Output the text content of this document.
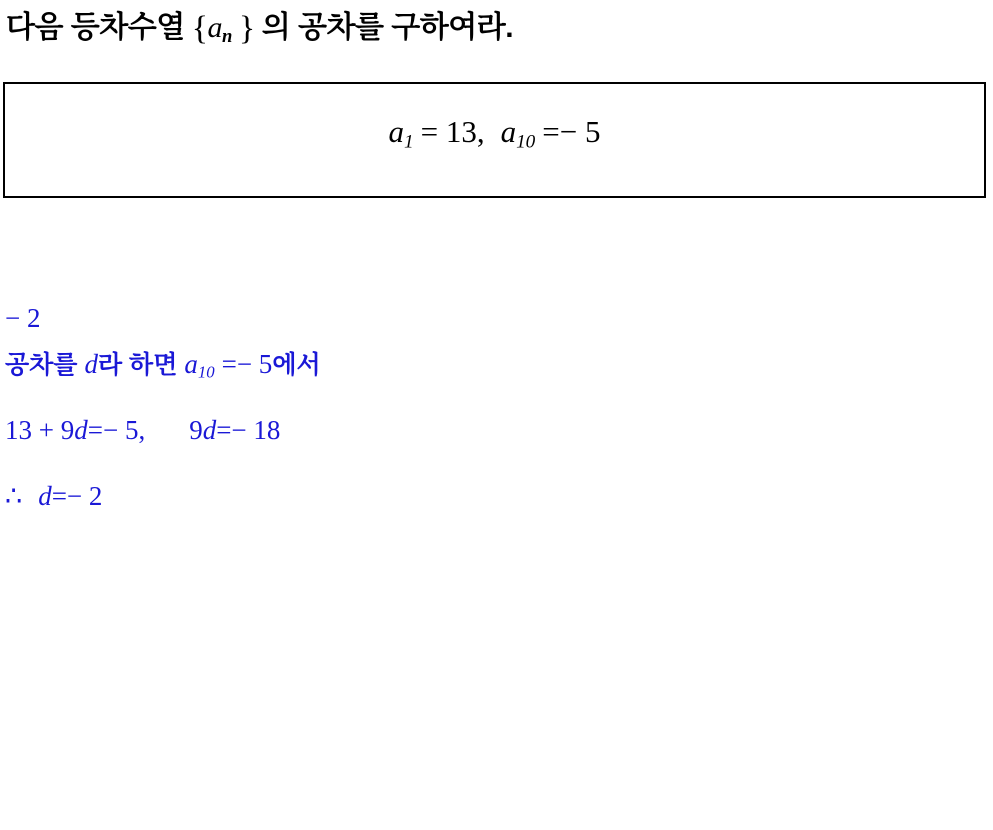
다음 등차수열 {$a_n$ } 의 공차를 구하여라.
$a_1 = 13$, $a_{10} =- 5$
− 2
공차를 d라 하면 $a_{10} =- 5$에서
13 + 9d=− 5, 9d=− 18
∴ d=− 2
